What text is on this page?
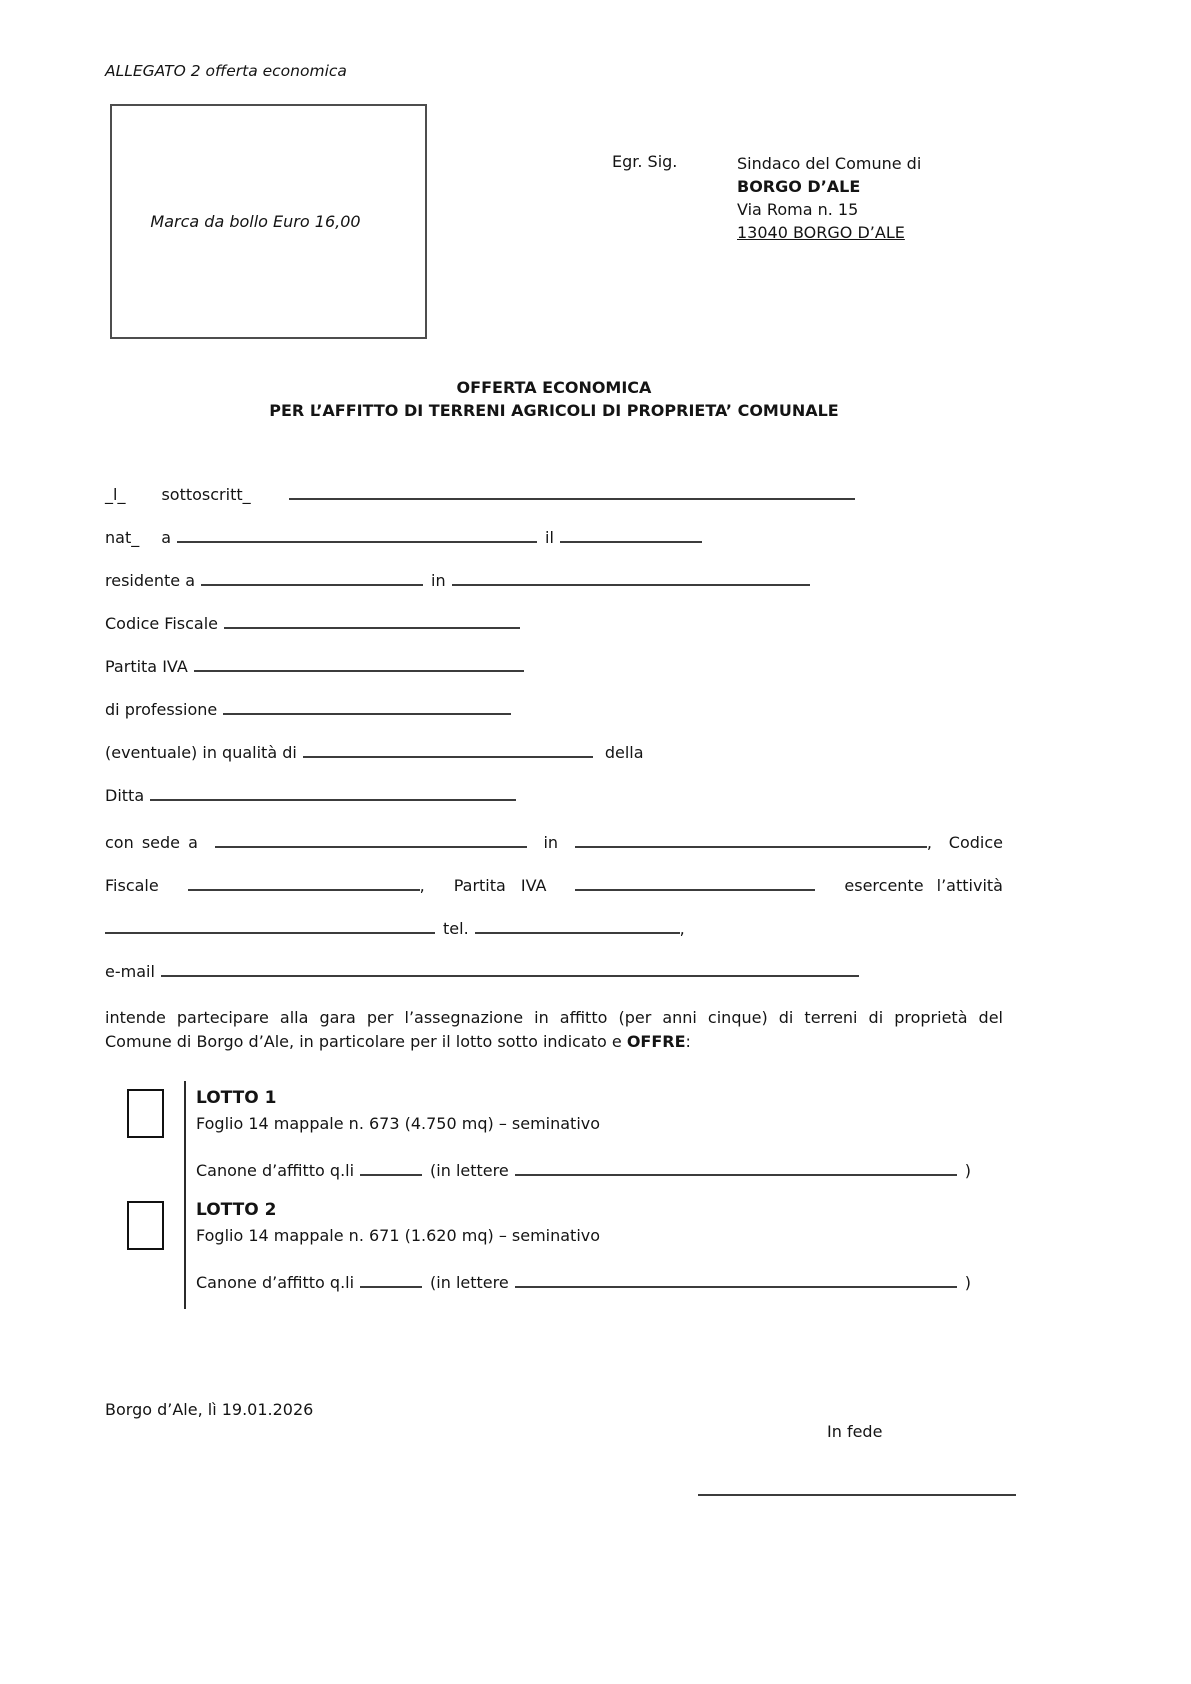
ALLEGATO 2 offerta economica
Marca da bollo Euro 16,00
Egr. Sig.	Sindaco del Comune di
BORGO D’ALE
Via Roma n. 15
13040 BORGO D’ALE
OFFERTA ECONOMICA
PER L’AFFITTO DI TERRENI AGRICOLI DI PROPRIETA’ COMUNALE
_l_ sottoscritt_
nat_ a	il
residente a	in
Codice Fiscale
Partita IVA
di professione
(eventuale) in qualità di	della
Ditta
con sede a	in	, Codice
Fiscale	, Partita IVA	esercente l’attività
tel.	,
e-mail
intende partecipare alla gara per l’assegnazione in affitto (per anni cinque) di terreni di proprietà del
Comune di Borgo d’Ale, in particolare per il lotto sotto indicato e OFFRE:
LOTTO 1
Foglio 14 mappale n. 673 (4.750 mq) – seminativo
Canone d’affitto q.li	(in lettere	)
LOTTO 2
Foglio 14 mappale n. 671 (1.620 mq) – seminativo
Canone d’affitto q.li	(in lettere	)
Borgo d’Ale, lì 19.01.2026
In fede
